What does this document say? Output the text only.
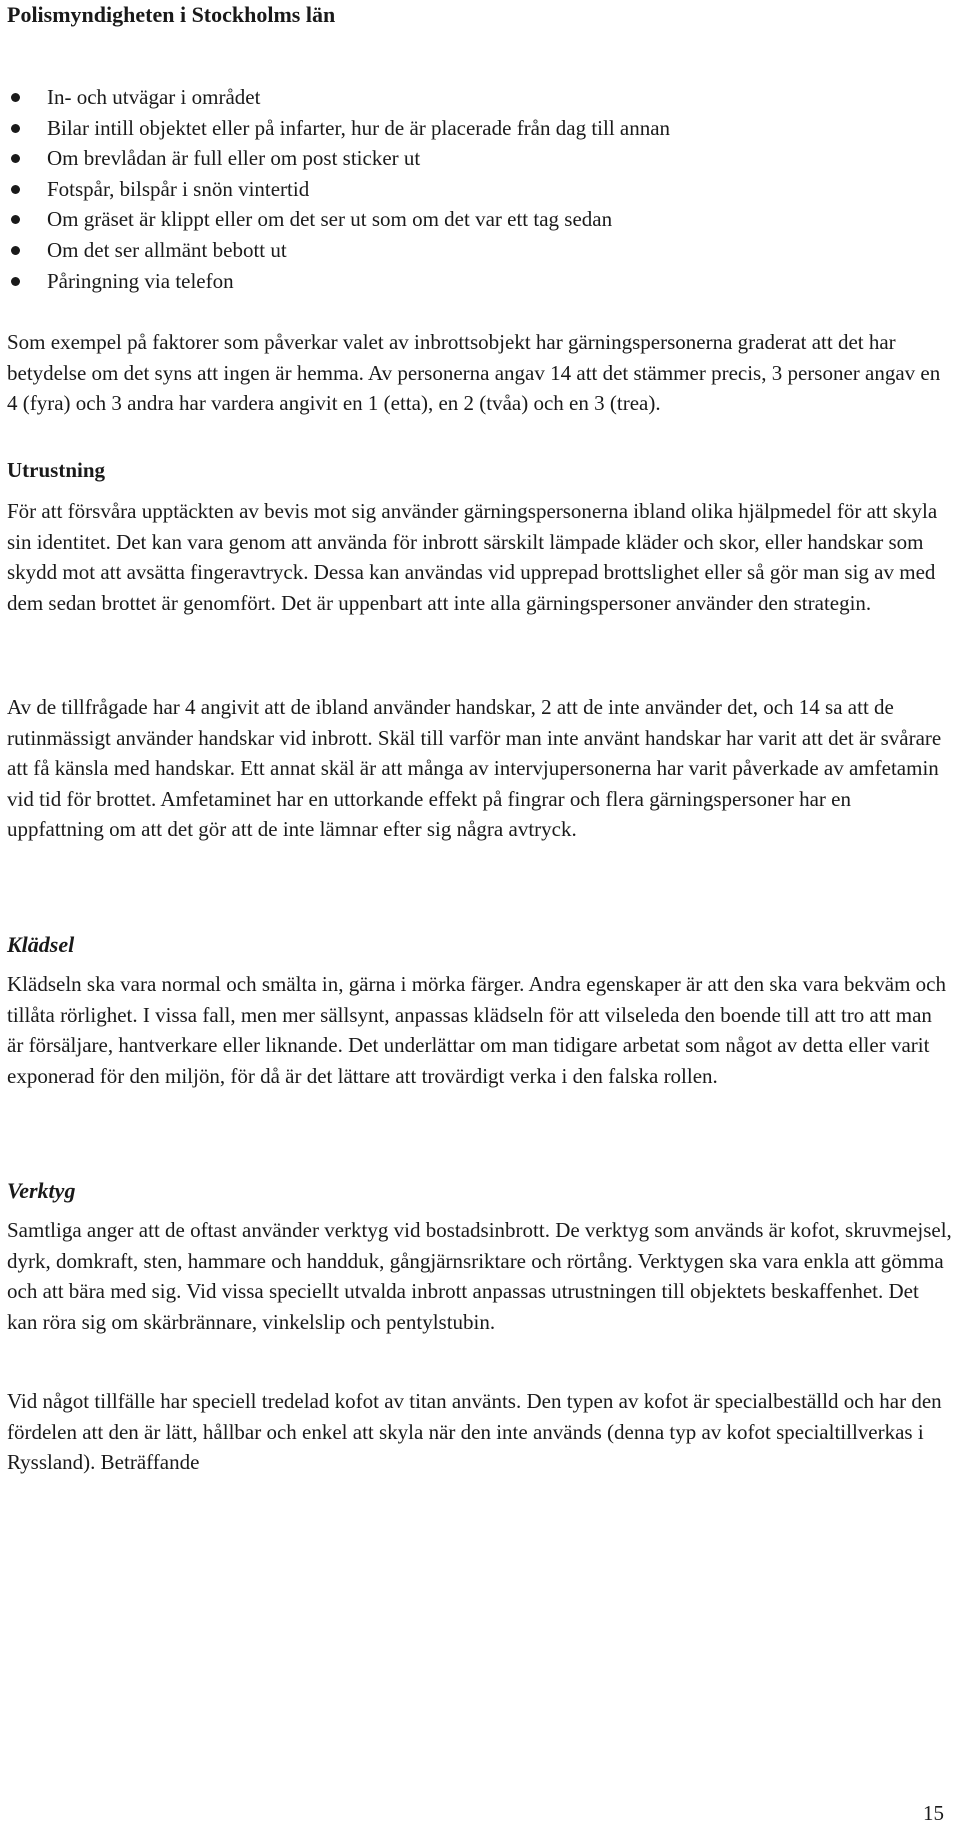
Polismyndigheten i Stockholms län
In- och utvägar i området
Bilar intill objektet eller på infarter, hur de är placerade från dag till annan
Om brevlådan är full eller om post sticker ut
Fotspår, bilspår i snön vintertid
Om gräset är klippt eller om det ser ut som om det var ett tag sedan
Om det ser allmänt bebott ut
Påringning via telefon

Som exempel på faktorer som påverkar valet av inbrottsobjekt har gärningspersonerna graderat att det har betydelse om det syns att ingen är hemma. Av personerna angav 14 att det stämmer precis, 3 personer angav en 4 (fyra) och 3 andra har vardera angivit en 1 (etta), en 2 (tvåa) och en 3 (trea).

Utrustning

För att försvåra upptäckten av bevis mot sig använder gärningspersonerna ibland olika hjälpmedel för att skyla sin identitet. Det kan vara genom att använda för inbrott särskilt lämpade kläder och skor, eller handskar som skydd mot att avsätta fingeravtryck. Dessa kan användas vid upprepad brottslighet eller så gör man sig av med dem sedan brottet är genomfört. Det är uppenbart att inte alla gärningspersoner använder den strategin.

Av de tillfrågade har 4 angivit att de ibland använder handskar, 2 att de inte använder det, och 14 sa att de rutinmässigt använder handskar vid inbrott. Skäl till varför man inte använt handskar har varit att det är svårare att få känsla med handskar. Ett annat skäl är att många av intervjupersonerna har varit påverkade av amfetamin vid tid för brottet. Amfetaminet har en uttorkande effekt på fingrar och flera gärningspersoner har en uppfattning om att det gör att de inte lämnar efter sig några avtryck.

Klädsel

Klädseln ska vara normal och smälta in, gärna i mörka färger. Andra egenskaper är att den ska vara bekväm och tillåta rörlighet. I vissa fall, men mer sällsynt, anpassas klädseln för att vilseleda den boende till att tro att man är försäljare, hantverkare eller liknande. Det underlättar om man tidigare arbetat som något av detta eller varit exponerad för den miljön, för då är det lättare att trovärdigt verka i den falska rollen.

Verktyg

Samtliga anger att de oftast använder verktyg vid bostadsinbrott. De verktyg som används är kofot, skruvmejsel, dyrk, domkraft, sten, hammare och handduk, gångjärnsriktare och rörtång. Verktygen ska vara enkla att gömma och att bära med sig. Vid vissa speciellt utvalda inbrott anpassas utrustningen till objektets beskaffenhet. Det kan röra sig om skärbrännare, vinkelslip och pentylstubin.

Vid något tillfälle har speciell tredelad kofot av titan använts. Den typen av kofot är specialbeställd och har den fördelen att den är lätt, hållbar och enkel att skyla när den inte används (denna typ av kofot specialtillverkas i Ryssland). Beträffande

15
